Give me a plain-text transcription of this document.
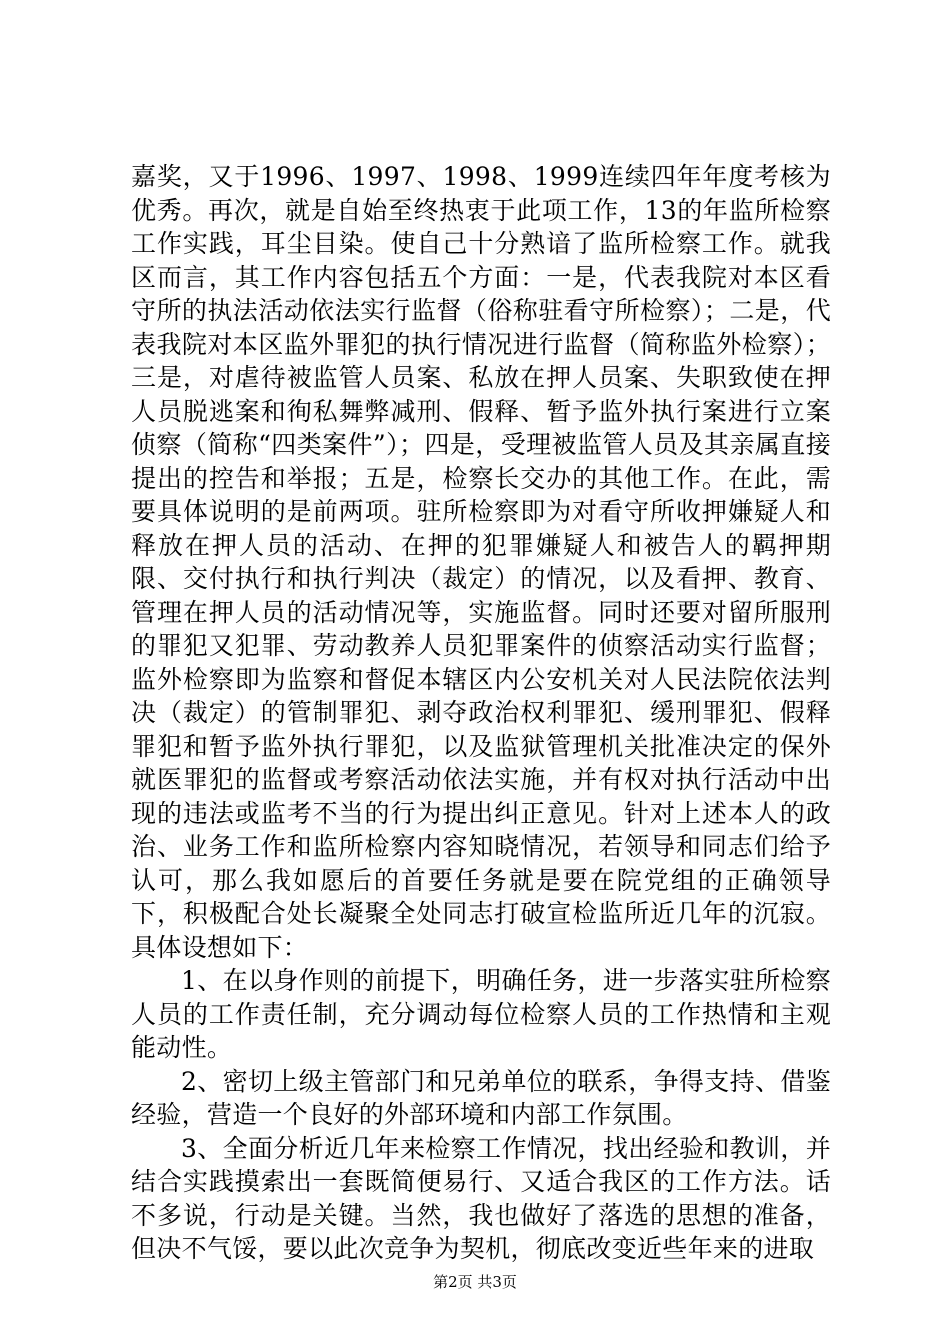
嘉奖，又于1996、1997、1998、1999连续四年年度考核为优秀。再次，就是自始至终热衷于此项工作，13的年监所检察工作实践，耳尘目染。使自己十分熟谙了监所检察工作。就我区而言，其工作内容包括五个方面：一是，代表我院对本区看守所的执法活动依法实行监督（俗称驻看守所检察）；二是，代表我院对本区监外罪犯的执行情况进行监督（简称监外检察）；三是，对虐待被监管人员案、私放在押人员案、失职致使在押人员脱逃案和徇私舞弊减刑、假释、暂予监外执行案进行立案侦察（简称“四类案件”）；四是，受理被监管人员及其亲属直接提出的控告和举报；五是，检察长交办的其他工作。在此，需要具体说明的是前两项。驻所检察即为对看守所收押嫌疑人和释放在押人员的活动、在押的犯罪嫌疑人和被告人的羁押期限、交付执行和执行判决（裁定）的情况，以及看押、教育、管理在押人员的活动情况等，实施监督。同时还要对留所服刑的罪犯又犯罪、劳动教养人员犯罪案件的侦察活动实行监督；监外检察即为监察和督促本辖区内公安机关对人民法院依法判决（裁定）的管制罪犯、剥夺政治权利罪犯、缓刑罪犯、假释罪犯和暂予监外执行罪犯，以及监狱管理机关批准决定的保外就医罪犯的监督或考察活动依法实施，并有权对执行活动中出现的违法或监考不当的行为提出纠正意见。针对上述本人的政治、业务工作和监所检察内容知晓情况，若领导和同志们给予认可，那么我如愿后的首要任务就是要在院党组的正确领导下，积极配合处长凝聚全处同志打破宣检监所近几年的沉寂。具体设想如下：

1、在以身作则的前提下，明确任务，进一步落实驻所检察人员的工作责任制，充分调动每位检察人员的工作热情和主观能动性。

2、密切上级主管部门和兄弟单位的联系，争得支持、借鉴经验，营造一个良好的外部环境和内部工作氛围。

3、全面分析近几年来检察工作情况，找出经验和教训，并结合实践摸索出一套既简便易行、又适合我区的工作方法。话不多说，行动是关键。当然，我也做好了落选的思想的准备，但决不气馁，要以此次竞争为契机，彻底改变近些年来的进取

第2页 共3页
